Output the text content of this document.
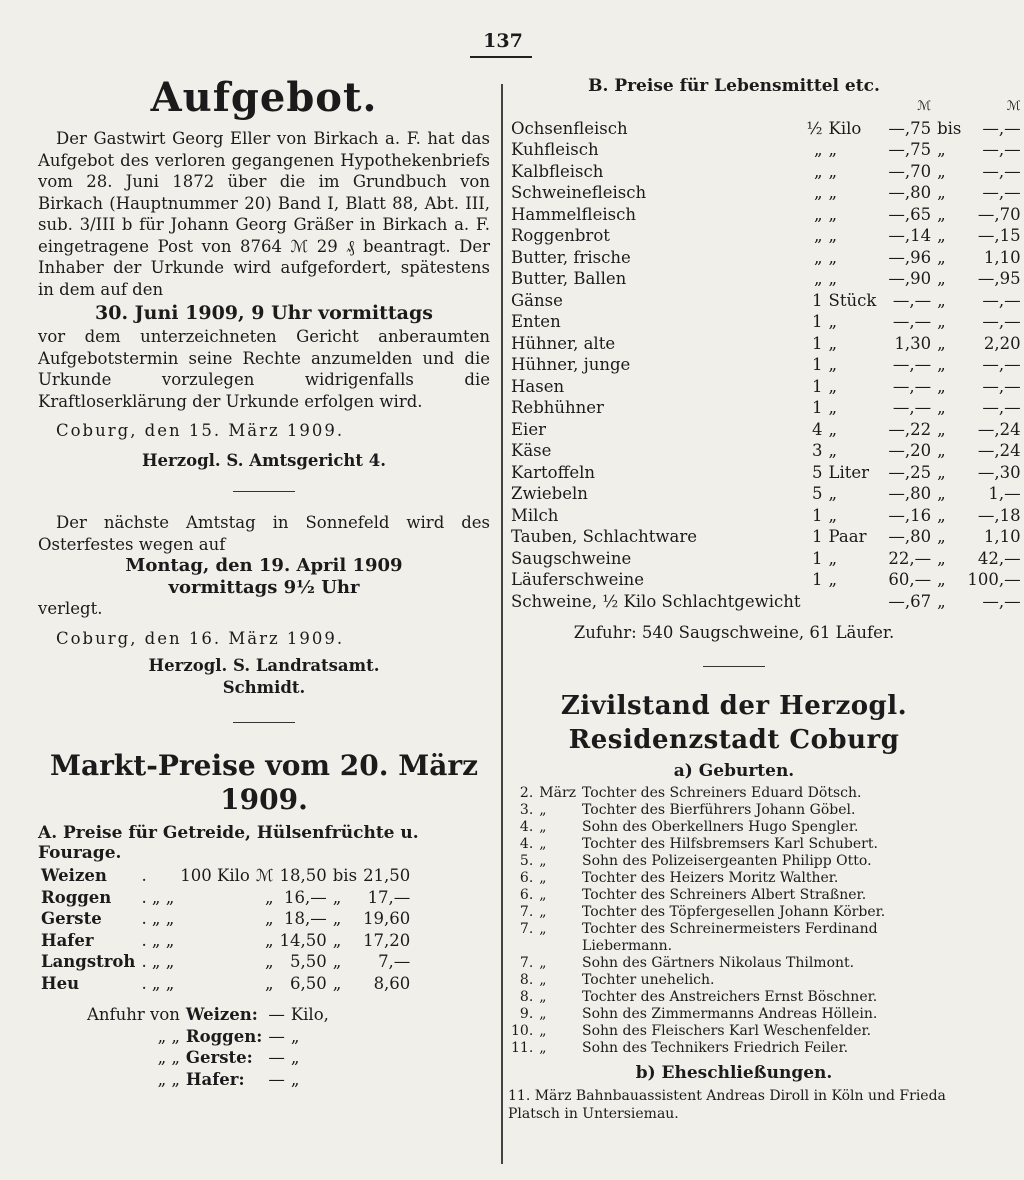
137
Aufgebot.

Der Gastwirt Georg Eller von Birkach a. F. hat das Aufgebot des verloren gegangenen Hypothekenbriefs vom 28. Juni 1872 über die im Grundbuch von Birkach (Hauptnummer 20) Band I, Blatt 88, Abt. III, sub. 3/III b für Johann Georg Gräßer in Birkach a. F. eingetragene Post von 8764 ℳ 29 ₰ beantragt. Der Inhaber der Urkunde wird aufgefordert, spätestens in dem auf den

30. Juni 1909, 9 Uhr vormittags

vor dem unterzeichneten Gericht anberaumten Aufgebotstermin seine Rechte anzumelden und die Urkunde vorzulegen widrigenfalls die Kraftloserklärung der Urkunde erfolgen wird.

Coburg, den 15. März 1909.

Herzogl. S. Amtsgericht 4.

Der nächste Amtstag in Sonnefeld wird des Osterfestes wegen auf

Montag, den 19. April 1909

vormittags 9½ Uhr

verlegt.

Coburg, den 16. März 1909.

Herzogl. S. Landratsamt.

Schmidt.

Markt-Preise vom 20. März 1909.

A. Preise für Getreide, Hülsenfrüchte u. Fourage.

Weizen	.	100 Kilo	ℳ	18,50	bis	21,50
Roggen	. „ „		„	16,—	„	17,—
Gerste	. „ „		„	18,—	„	19,60
Hafer	. „ „		„	14,50	„	17,20
Langstroh	. „ „		„	5,50	„	7,—
Heu	. „ „		„	6,50	„	8,60
Anfuhr von	Weizen:	—	Kilo,
„ „	Roggen:	—	„
„ „	Gerste:	—	„
„ „	Hafer:	—	„

B. Preise für Lebensmittel etc.

				ℳ		ℳ
Ochsenfleisch	½	Kilo		—,75	bis	—,—
Kuhfleisch	„	„		—,75	„	—,—
Kalbfleisch	„	„		—,70	„	—,—
Schweinefleisch	„	„		—,80	„	—,—
Hammelfleisch	„	„		—,65	„	—,70
Roggenbrot	„	„		—,14	„	—,15
Butter, frische	„	„		—,96	„	1,10
Butter, Ballen	„	„		—,90	„	—,95
Gänse	1	Stück		—,—	„	—,—
Enten	1	„		—,—	„	—,—
Hühner, alte	1	„		1,30	„	2,20
Hühner, junge	1	„		—,—	„	—,—
Hasen	1	„		—,—	„	—,—
Rebhühner	1	„		—,—	„	—,—
Eier	4	„		—,22	„	—,24
Käse	3	„		—,20	„	—,24
Kartoffeln	5	Liter		—,25	„	—,30
Zwiebeln	5	„		—,80	„	1,—
Milch	1	„		—,16	„	—,18
Tauben, Schlachtware	1	Paar		—,80	„	1,10
Saugschweine	1	„		22,—	„	42,—
Läuferschweine	1	„		60,—	„	100,—
Schweine, ½ Kilo Schlachtgewicht				—,67	„	—,—

Zufuhr: 540 Saugschweine, 61 Läufer.

Zivilstand der Herzogl. Residenzstadt Coburg

a) Geburten.

2.	März	Tochter des Schreiners Eduard Dötsch.
3.	„	Tochter des Bierführers Johann Göbel.
4.	„	Sohn des Oberkellners Hugo Spengler.
4.	„	Tochter des Hilfsbremsers Karl Schubert.
5.	„	Sohn des Polizeisergeanten Philipp Otto.
6.	„	Tochter des Heizers Moritz Walther.
6.	„	Tochter des Schreiners Albert Straßner.
7.	„	Tochter des Töpfergesellen Johann Körber.
7.	„	Tochter des Schreinermeisters Ferdinand Liebermann.
7.	„	Sohn des Gärtners Nikolaus Thilmont.
8.	„	Tochter unehelich.
8.	„	Tochter des Anstreichers Ernst Böschner.
9.	„	Sohn des Zimmermanns Andreas Höllein.
10.	„	Sohn des Fleischers Karl Weschenfelder.
11.	„	Sohn des Technikers Friedrich Feiler.

b) Eheschließungen.

11. März Bahnbauassistent Andreas Diroll in Köln und Frieda Platsch in Untersiemau.
